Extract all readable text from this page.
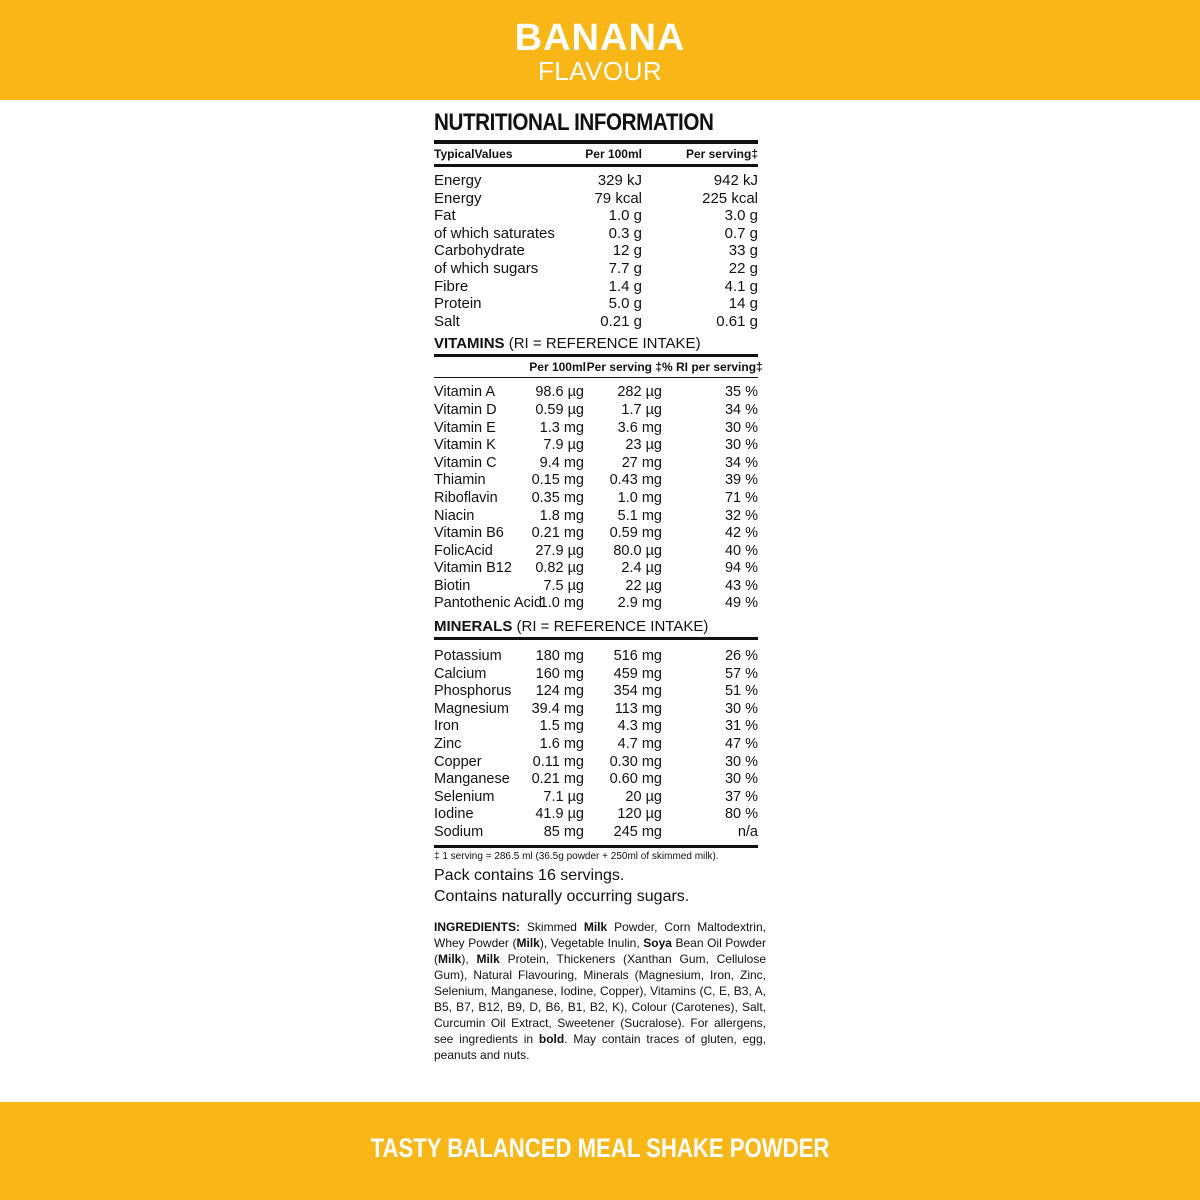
BANANA
FLAVOUR
NUTRITIONAL INFORMATION
TypicalValues	Per 100ml	Per serving‡
Energy	329 kJ	942 kJ
Energy	79 kcal	225 kcal
Fat	1.0 g	3.0 g
of which saturates	0.3 g	0.7 g
Carbohydrate	12 g	33 g
of which sugars	7.7 g	22 g
Fibre	1.4 g	4.1 g
Protein	5.0 g	14 g
Salt	0.21 g	0.61 g
VITAMINS (RI = REFERENCE INTAKE)
	Per 100ml	Per serving ‡	% RI per serving‡
Vitamin A	98.6 µg	282 µg	35 %
Vitamin D	0.59 µg	1.7 µg	34 %
Vitamin E	1.3 mg	3.6 mg	30 %
Vitamin K	7.9 µg	23 µg	30 %
Vitamin C	9.4 mg	27 mg	34 %
Thiamin	0.15 mg	0.43 mg	39 %
Riboflavin	0.35 mg	1.0 mg	71 %
Niacin	1.8 mg	5.1 mg	32 %
Vitamin B6	0.21 mg	0.59 mg	42 %
FolicAcid	27.9 µg	80.0 µg	40 %
Vitamin B12	0.82 µg	2.4 µg	94 %
Biotin	7.5 µg	22 µg	43 %
Pantothenic Acid	1.0 mg	2.9 mg	49 %
MINERALS (RI = REFERENCE INTAKE)
Potassium	180 mg	516 mg	26 %
Calcium	160 mg	459 mg	57 %
Phosphorus	124 mg	354 mg	51 %
Magnesium	39.4 mg	113 mg	30 %
Iron	1.5 mg	4.3 mg	31 %
Zinc	1.6 mg	4.7 mg	47 %
Copper	0.11 mg	0.30 mg	30 %
Manganese	0.21 mg	0.60 mg	30 %
Selenium	7.1 µg	20 µg	37 %
Iodine	41.9 µg	120 µg	80 %
Sodium	85 mg	245 mg	n/a
‡ 1 serving = 286.5 ml (36.5g powder + 250ml of skimmed milk).
Pack contains 16 servings.
Contains naturally occurring sugars.
INGREDIENTS: Skimmed Milk Powder, Corn Maltodextrin, Whey Powder (Milk), Vegetable Inulin, Soya Bean Oil Powder (Milk), Milk Protein, Thickeners (Xanthan Gum, Cellulose Gum), Natural Flavouring, Minerals (Magnesium, Iron, Zinc, Selenium, Manganese, Iodine, Copper), Vitamins (C, E, B3, A, B5, B7, B12, B9, D, B6, B1, B2, K), Colour (Carotenes), Salt, Curcumin Oil Extract, Sweetener (Sucralose). For allergens, see ingredients in bold. May contain traces of gluten, egg, peanuts and nuts.
TASTY BALANCED MEAL SHAKE POWDER
